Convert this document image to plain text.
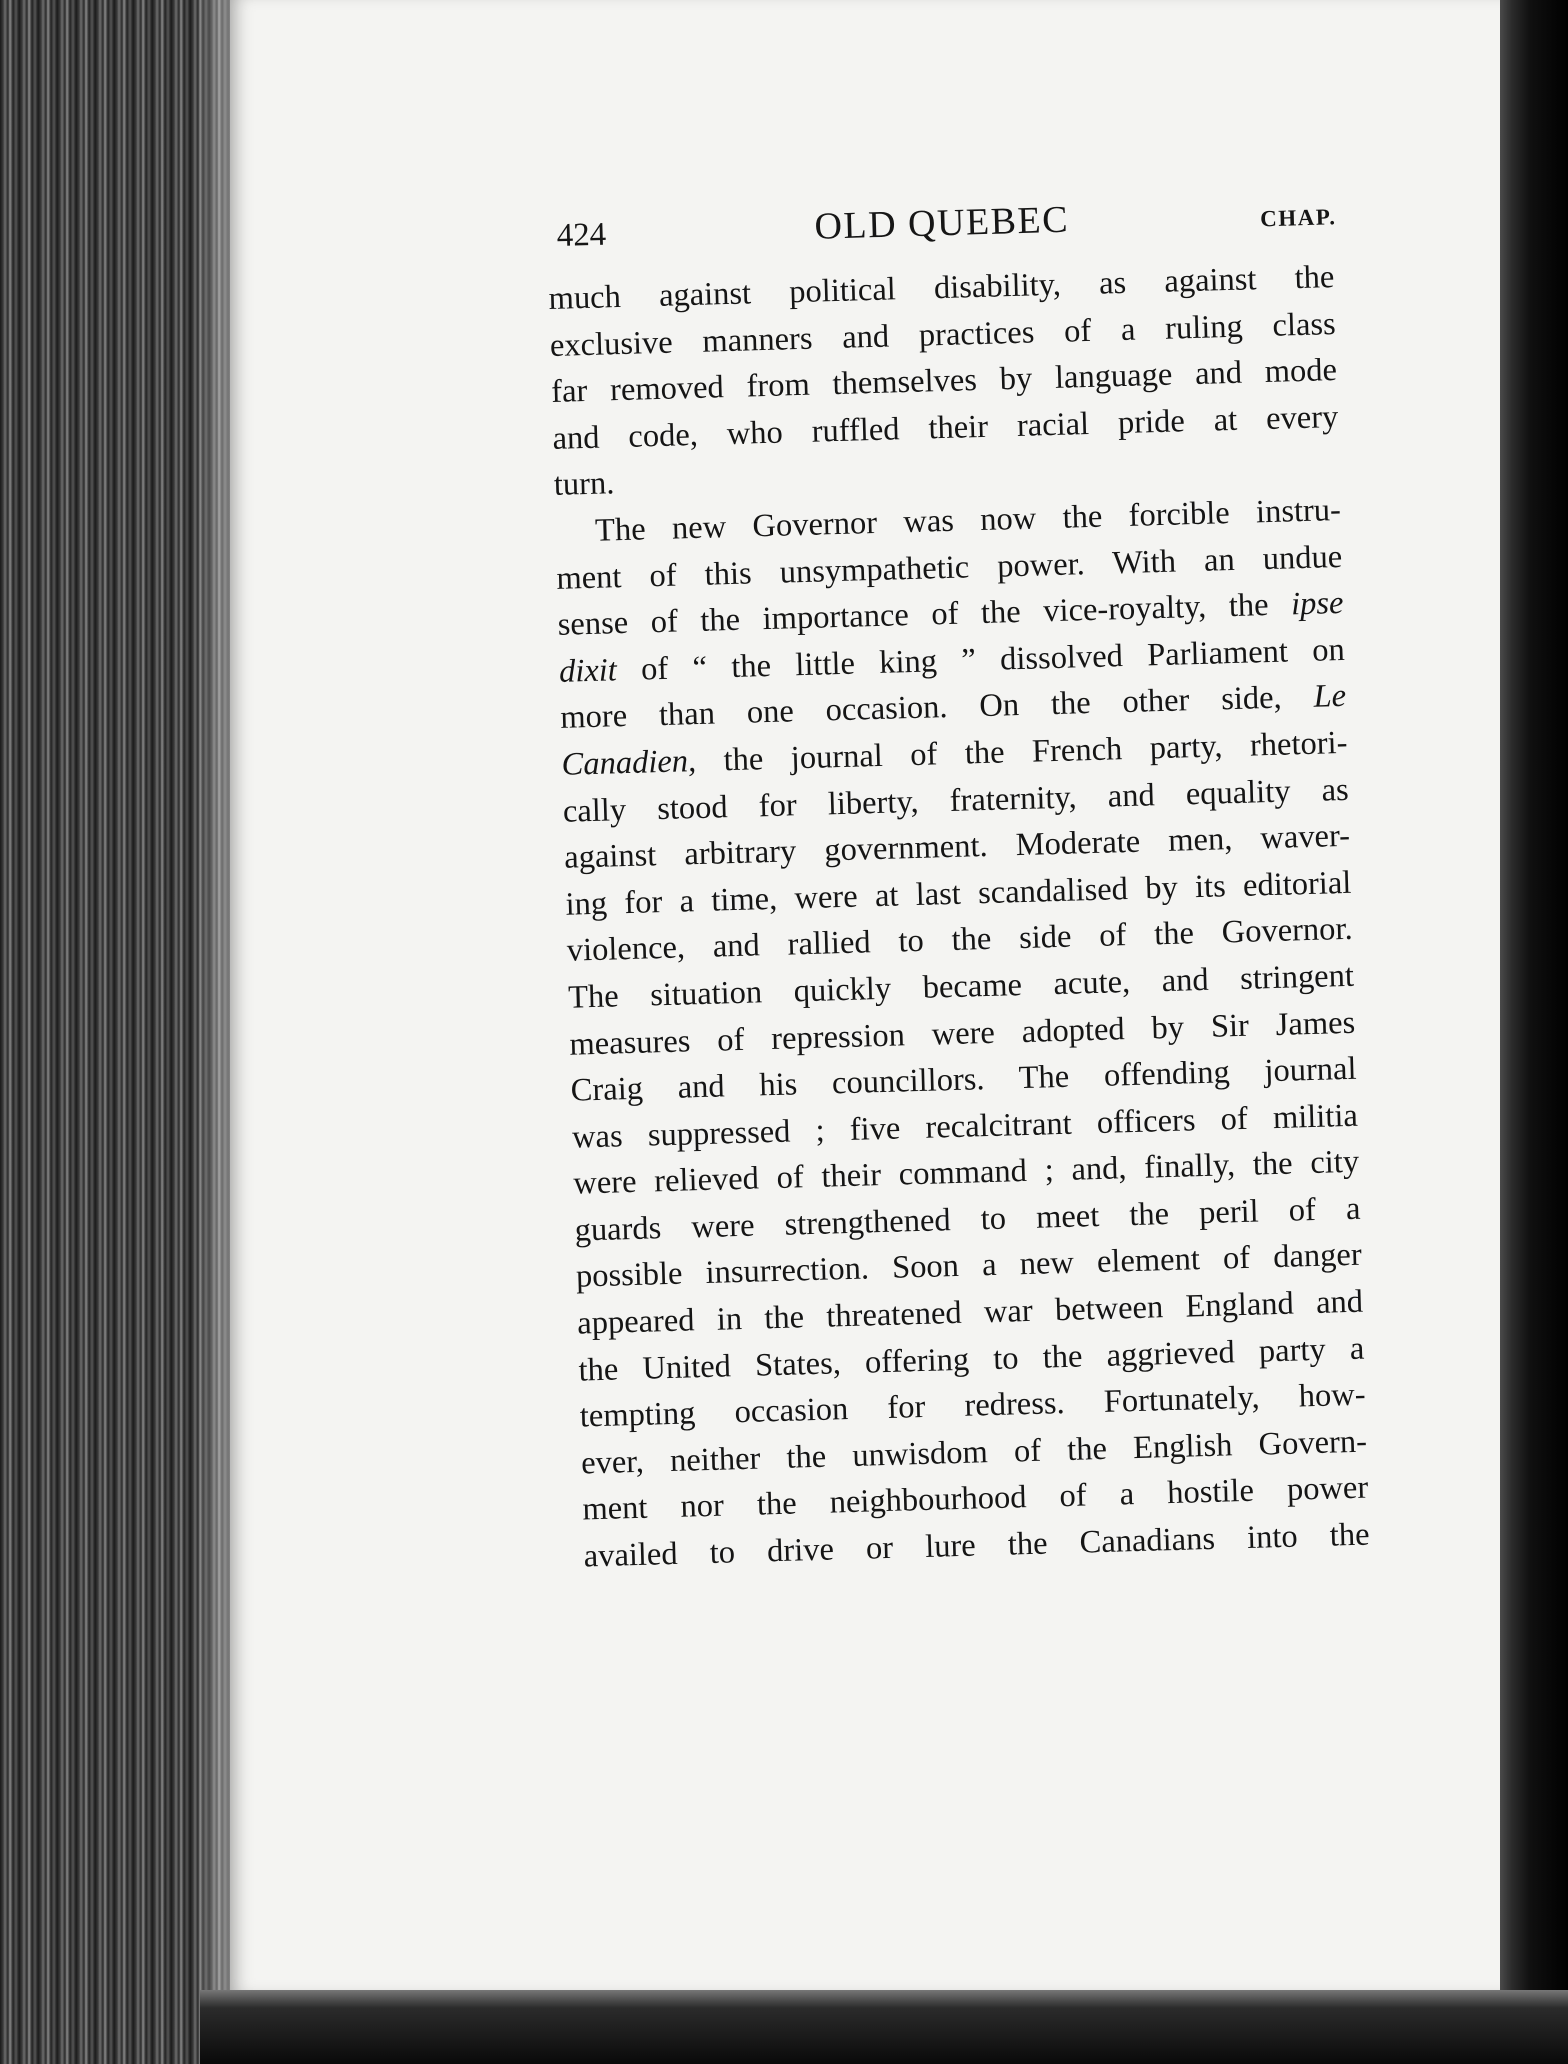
424	OLD QUEBEC	CHAP.
much against political disability, as against the
exclusive manners and practices of a ruling class
far removed from themselves by language and mode
and code, who ruffled their racial pride at every
turn.
The new Governor was now the forcible instru-
ment of this unsympathetic power. With an undue
sense of the importance of the vice-royalty, the ipse
dixit of “ the little king ” dissolved Parliament on
more than one occasion. On the other side, Le
Canadien, the journal of the French party, rhetori-
cally stood for liberty, fraternity, and equality as
against arbitrary government. Moderate men, waver-
ing for a time, were at last scandalised by its editorial
violence, and rallied to the side of the Governor.
The situation quickly became acute, and stringent
measures of repression were adopted by Sir James
Craig and his councillors. The offending journal
was suppressed ; five recalcitrant officers of militia
were relieved of their command ; and, finally, the city
guards were strengthened to meet the peril of a
possible insurrection. Soon a new element of danger
appeared in the threatened war between England and
the United States, offering to the aggrieved party a
tempting occasion for redress. Fortunately, how-
ever, neither the unwisdom of the English Govern-
ment nor the neighbourhood of a hostile power
availed to drive or lure the Canadians into the
